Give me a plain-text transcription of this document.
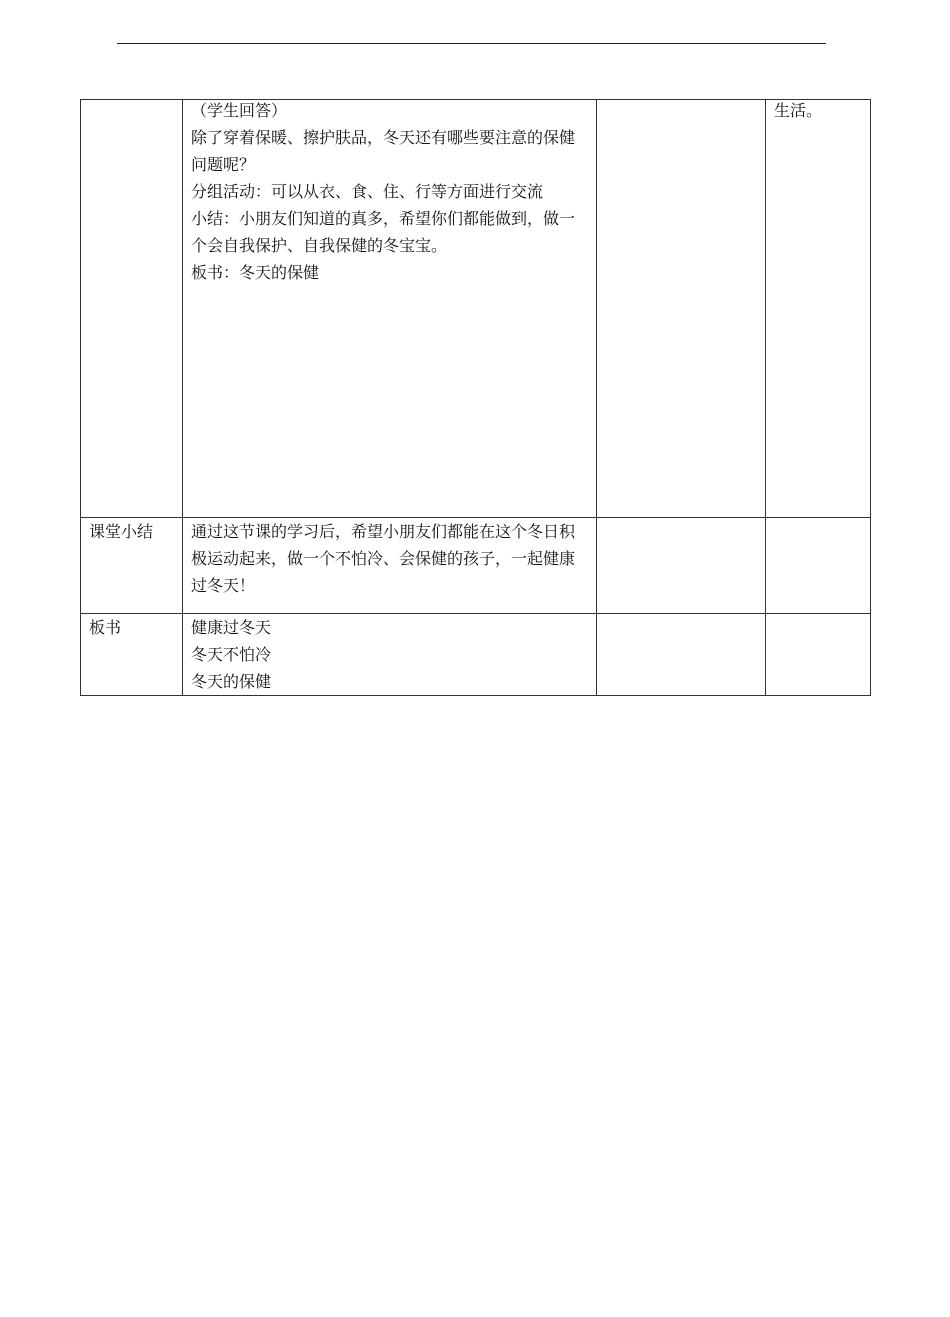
	（学生回答）
除了穿着保暖、擦护肤品，冬天还有哪些要注意的保健问题呢？
分组活动：可以从衣、食、住、行等方面进行交流
小结：小朋友们知道的真多，希望你们都能做到，做一个会自我保护、自我保健的冬宝宝。
板书：冬天的保健		生活。

课堂小结	通过这节课的学习后，希望小朋友们都能在这个冬日积极运动起来，做一个不怕冷、会保健的孩子，一起健康过冬天！		

板书	健康过冬天
冬天不怕冷
冬天的保健		
